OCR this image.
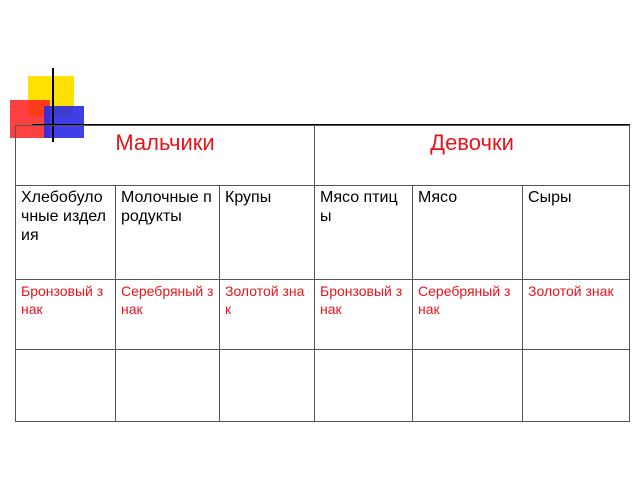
Мальчики			Девочки		
Хлебобулочные изделия	Молочные продукты	Крупы	Мясо птицы	Мясо	Сыры
Бронзовый знак	Серебряный знак	Золотой знак	Бронзовый знак	Серебряный знак	Золотой знак
